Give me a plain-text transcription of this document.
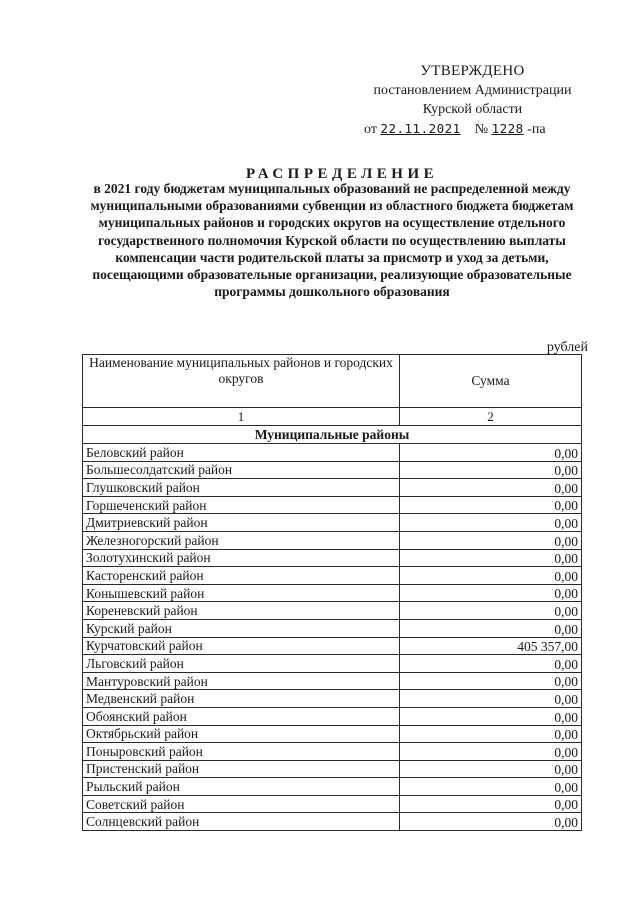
УТВЕРЖДЕНО
постановлением Администрации
Курской области
от 22.11.2021 № 1228 -па
РАСПРЕДЕЛЕНИЕ
в 2021 году бюджетам муниципальных образований не распределенной между муниципальными образованиями субвенции из областного бюджета бюджетам муниципальных районов и городских округов на осуществление отдельного государственного полномочия Курской области по осуществлению выплаты компенсации части родительской платы за присмотр и уход за детьми, посещающими образовательные организации, реализующие образовательные программы дошкольного образования
рублей
Наименование муниципальных районов и городских округов	Сумма
1	2
Муниципальные районы	
Беловский район	0,00
Большесолдатский район	0,00
Глушковский район	0,00
Горшеченский район	0,00
Дмитриевский район	0,00
Железногорский район	0,00
Золотухинский район	0,00
Касторенский район	0,00
Конышевский район	0,00
Кореневский район	0,00
Курский район	0,00
Курчатовский район	405 357,00
Льговский район	0,00
Мантуровский район	0,00
Медвенский район	0,00
Обоянский район	0,00
Октябрьский район	0,00
Поныровский район	0,00
Пристенский район	0,00
Рыльский район	0,00
Советский район	0,00
Солнцевский район	0,00
